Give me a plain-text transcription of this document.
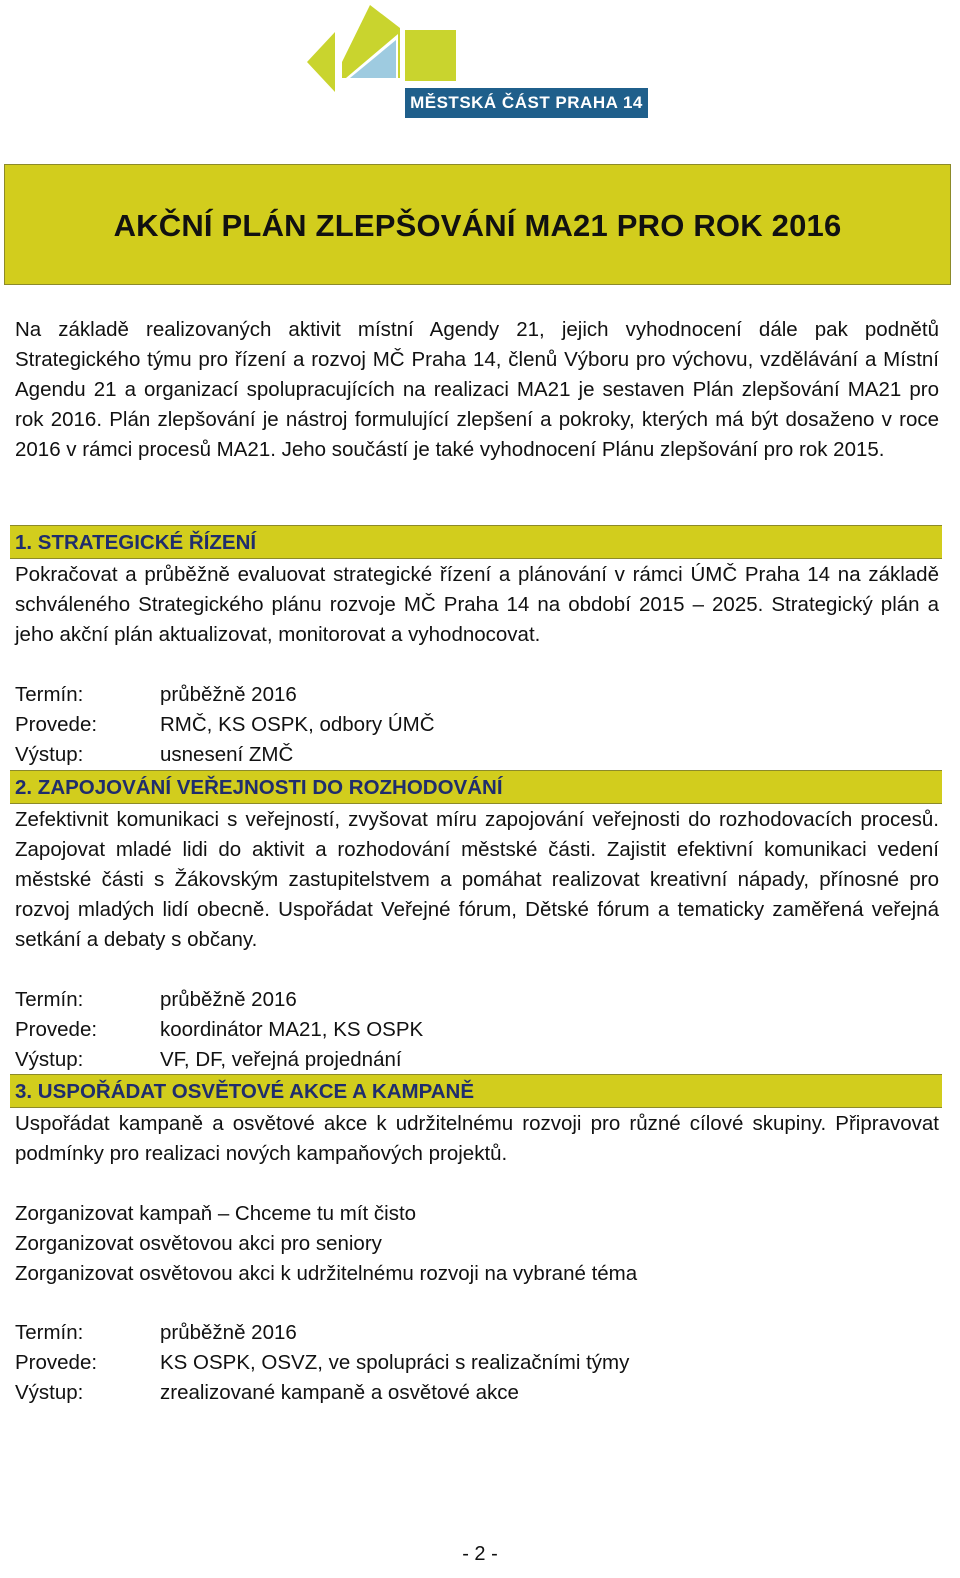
MĚSTSKÁ ČÁST PRAHA 14
AKČNÍ PLÁN ZLEPŠOVÁNÍ MA21 PRO ROK 2016

Na základě realizovaných aktivit místní Agendy 21, jejich vyhodnocení dále pak podnětů Strategického týmu pro řízení a rozvoj MČ Praha 14, členů Výboru pro výchovu, vzdělávání a Místní Agendu 21 a organizací spolupracujících na realizaci MA21 je sestaven Plán zlepšování MA21 pro rok 2016. Plán zlepšování je nástroj formulující zlepšení a pokroky, kterých má být dosaženo v roce 2016 v rámci procesů MA21. Jeho součástí je také vyhodnocení Plánu zlepšování pro rok 2015.

1. STRATEGICKÉ ŘÍZENÍ

Pokračovat a průběžně evaluovat strategické řízení a plánování v rámci ÚMČ Praha 14 na základě schváleného Strategického plánu rozvoje MČ Praha 14 na období 2015 – 2025. Strategický plán a jeho akční plán aktualizovat, monitorovat a vyhodnocovat.

Termín:	průběžně 2016
Provede:	RMČ, KS OSPK, odbory ÚMČ
Výstup:	usnesení ZMČ
2. ZAPOJOVÁNÍ VEŘEJNOSTI DO ROZHODOVÁNÍ

Zefektivnit komunikaci s veřejností, zvyšovat míru zapojování veřejnosti do rozhodovacích procesů. Zapojovat mladé lidi do aktivit a rozhodování městské části. Zajistit efektivní komunikaci vedení městské části s Žákovským zastupitelstvem a pomáhat realizovat kreativní nápady, přínosné pro rozvoj mladých lidí obecně. Uspořádat Veřejné fórum, Dětské fórum a tematicky zaměřená veřejná setkání a debaty s občany.

Termín:	průběžně 2016
Provede:	koordinátor MA21, KS OSPK
Výstup:	VF, DF, veřejná projednání
3. USPOŘÁDAT OSVĚTOVÉ AKCE A KAMPANĚ

Uspořádat kampaně a osvětové akce k udržitelnému rozvoji pro různé cílové skupiny. Připravovat podmínky pro realizaci nových kampaňových projektů.

Zorganizovat kampaň – Chceme tu mít čisto

Zorganizovat osvětovou akci pro seniory

Zorganizovat osvětovou akci k udržitelnému rozvoji na vybrané téma

Termín:	průběžně 2016
Provede:	KS OSPK, OSVZ, ve spolupráci s realizačními týmy
Výstup:	zrealizované kampaně a osvětové akce
- 2 -
